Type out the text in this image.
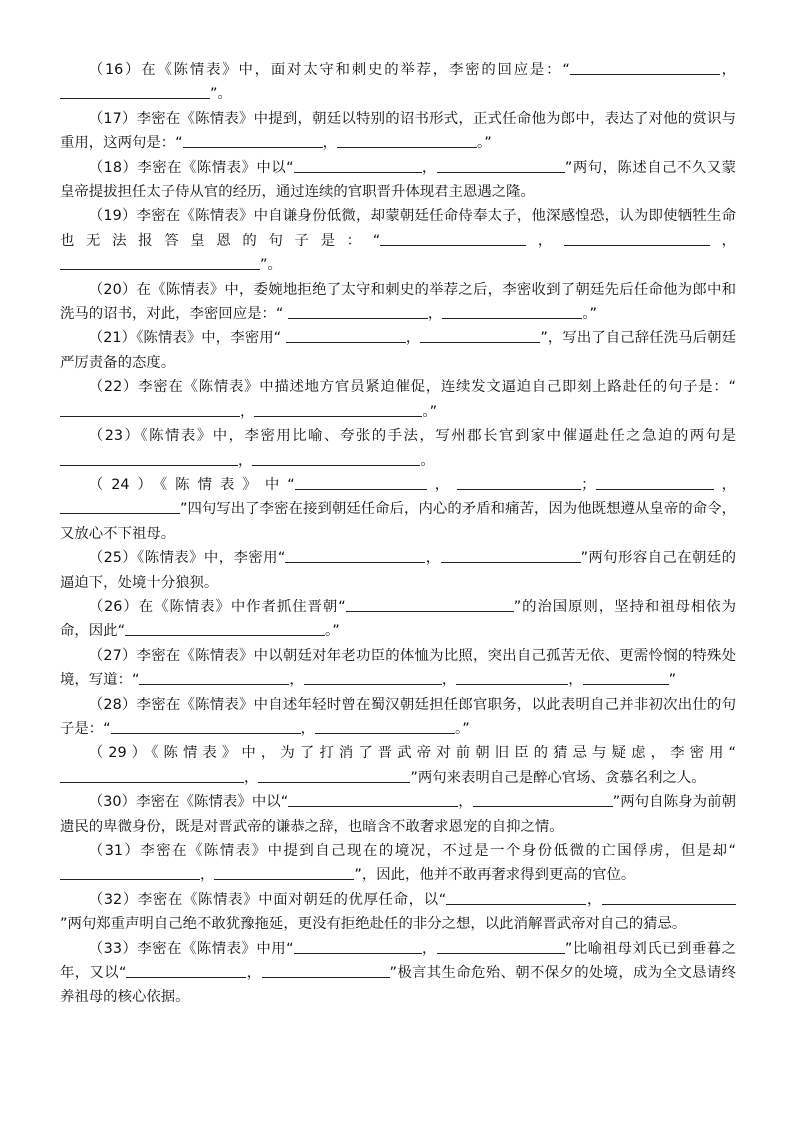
（16）在《陈情表》中，面对太守和刺史的举荐，李密的回应是：“	，”。

（17）李密在《陈情表》中提到，朝廷以特别的诏书形式，正式任命他为郎中，表达了对他的赏识与重用，这两句是：“	，	。”

（18）李密在《陈情表》中以“	，	”两句，陈述自己不久又蒙皇帝提拔担任太子侍从官的经历，通过连续的官职晋升体现君主恩遇之隆。

（19）李密在《陈情表》中自谦身份低微，却蒙朝廷任命侍奉太子，他深感惶恐，认为即使牺牲生命也无法报答皇恩的句子是：“	，	，”。

（20）在《陈情表》中，委婉地拒绝了太守和刺史的举荐之后，李密收到了朝廷先后任命他为郎中和洗马的诏书，对此，李密回应是：“	，	。”

（21）《陈情表》中，李密用“	，	”，写出了自己辞任洗马后朝廷严厉责备的态度。

（22）李密在《陈情表》中描述地方官员紧迫催促，连续发文逼迫自己即刻上路赴任的句子是：“，	。”

（23）《陈情表》中，李密用比喻、夸张的手法，写州郡长官到家中催逼赴任之急迫的两句是，	。

（24）《陈情表》中“	，	；	，”四句写出了李密在接到朝廷任命后，内心的矛盾和痛苦，因为他既想遵从皇帝的命令，又放心不下祖母。

（25）《陈情表》中，李密用“	，	”两句形容自己在朝廷的逼迫下，处境十分狼狈。

（26）在《陈情表》中作者抓住晋朝“	”的治国原则，坚持和祖母相依为命，因此“	。”

（27）李密在《陈情表》中以朝廷对年老功臣的体恤为比照，突出自己孤苦无依、更需怜悯的特殊处境，写道：“	，	，	，	”

（28）李密在《陈情表》中自述年轻时曾在蜀汉朝廷担任郎官职务，以此表明自己并非初次出仕的句子是：“	，	。”

（29）《陈情表》中，为了打消了晋武帝对前朝旧臣的猜忌与疑虑，李密用“，	”两句来表明自己是醉心官场、贪慕名利之人。

（30）李密在《陈情表》中以“	，	”两句自陈身为前朝遗民的卑微身份，既是对晋武帝的谦恭之辞，也暗含不敢奢求恩宠的自抑之情。

（31）李密在《陈情表》中提到自己现在的境况，不过是一个身份低微的亡国俘虏，但是却“，	”，因此，他并不敢再奢求得到更高的官位。

（32）李密在《陈情表》中面对朝廷的优厚任命，以“	，”两句郑重声明自己绝不敢犹豫拖延，更没有拒绝赴任的非分之想，以此消解晋武帝对自己的猜忌。

（33）李密在《陈情表》中用“	，	”比喻祖母刘氏已到垂暮之年，又以“	，	”极言其生命危殆、朝不保夕的处境，成为全文恳请终养祖母的核心依据。
